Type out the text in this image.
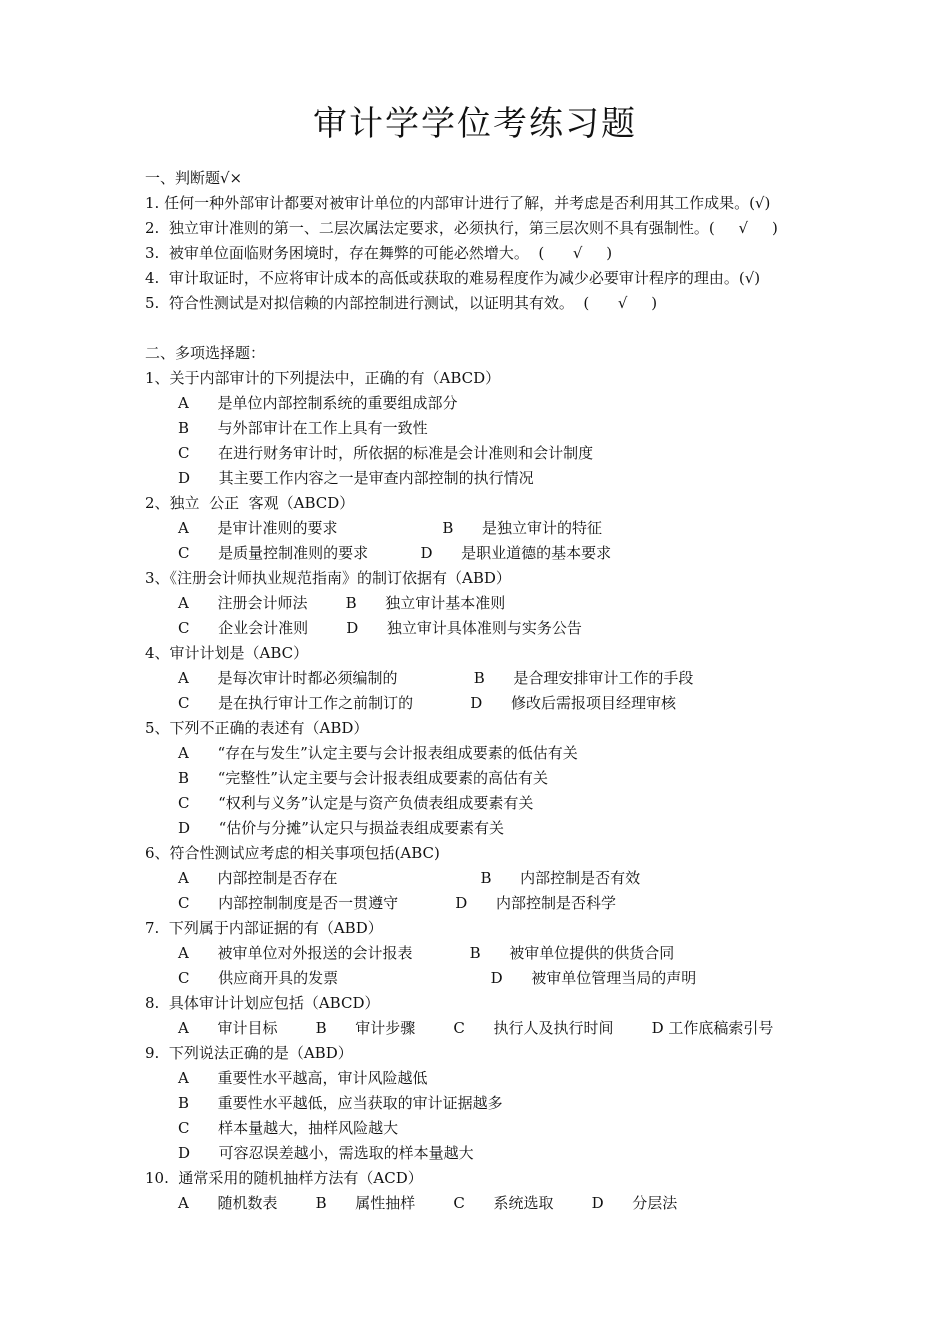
审计学学位考练习题
一、判断题√×
1. 任何一种外部审计都要对被审计单位的内部审计进行了解，并考虑是否利用其工作成果。(√)
2.  独立审计准则的第一、二层次属法定要求，必须执行，第三层次则不具有强制性。(     √     )
3.  被审单位面临财务困境时，存在舞弊的可能必然增大。  (      √     )
4.  审计取证时，不应将审计成本的高低或获取的难易程度作为减少必要审计程序的理由。(√)
5.  符合性测试是对拟信赖的内部控制进行测试，以证明其有效。  (      √     )
二、多项选择题：
1、关于内部审计的下列提法中，正确的有（ABCD）
A      是单位内部控制系统的重要组成部分
B      与外部审计在工作上具有一致性
C      在进行财务审计时，所依据的标准是会计准则和会计制度
D      其主要工作内容之一是审查内部控制的执行情况
2、独立  公正  客观（ABCD）
A      是审计准则的要求                      B      是独立审计的特征
C      是质量控制准则的要求           D      是职业道德的基本要求
3、《注册会计师执业规范指南》的制订依据有（ABD）
A      注册会计师法        B      独立审计基本准则
C      企业会计准则        D      独立审计具体准则与实务公告
4、审计计划是（ABC）
A      是每次审计时都必须编制的                B      是合理安排审计工作的手段
C      是在执行审计工作之前制订的            D      修改后需报项目经理审核
5、下列不正确的表述有（ABD）
A      “存在与发生”认定主要与会计报表组成要素的低估有关
B      “完整性”认定主要与会计报表组成要素的高估有关
C      “权利与义务”认定是与资产负债表组成要素有关
D      “估价与分摊”认定只与损益表组成要素有关
6、符合性测试应考虑的相关事项包括(ABC)
A      内部控制是否存在                              B      内部控制是否有效
C      内部控制制度是否一贯遵守            D      内部控制是否科学
7.  下列属于内部证据的有（ABD）
A      被审单位对外报送的会计报表            B      被审单位提供的供货合同
C      供应商开具的发票                                D      被审单位管理当局的声明
8.  具体审计计划应包括（ABCD）
A      审计目标        B      审计步骤        C      执行人及执行时间        D 工作底稿索引号
9.  下列说法正确的是（ABD）
A      重要性水平越高，审计风险越低
B      重要性水平越低，应当获取的审计证据越多
C      样本量越大，抽样风险越大
D      可容忍误差越小，需选取的样本量越大
10.  通常采用的随机抽样方法有（ACD）
A      随机数表        B      属性抽样        C      系统选取        D      分层法
